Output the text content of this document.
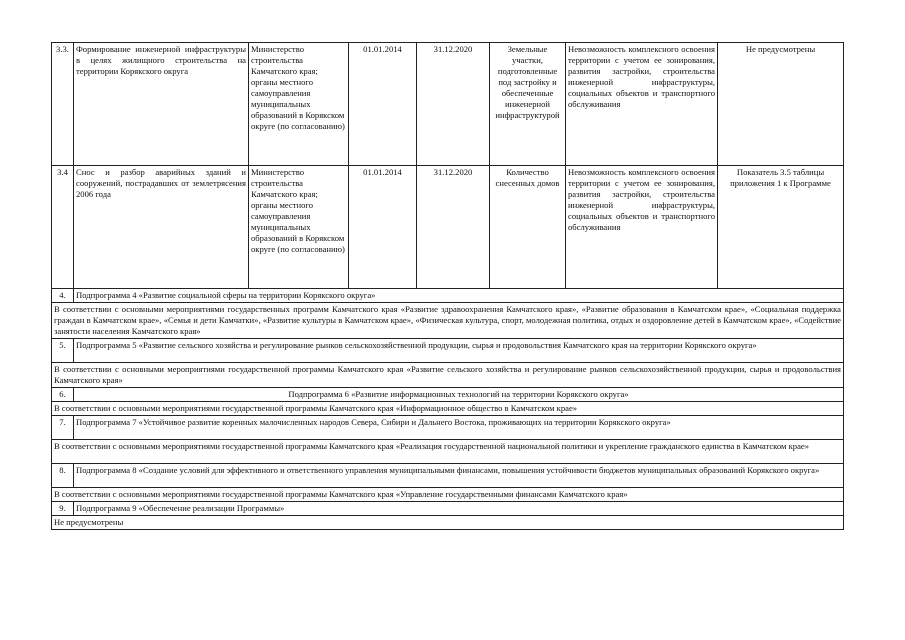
3.3.	Формирование инженерной инфраструктуры в целях жилищного строительства на территории Корякского округа	Министерство строительства Камчатского края; органы местного самоуправления муниципальных образований в Корякском округе (по согласованию)	01.01.2014	31.12.2020	Земельные участки, подготовленные под застройку и обеспеченные инженерной инфраструктурой	Невозможность комплексного освоения территории с учетом ее зонирования, развития застройки, строительства инженерной инфраструктуры, социальных объектов и транспортного обслуживания	Не предусмотрены
3.4	Снос и разбор аварийных зданий и сооружений, пострадавших от землетрясения 2006 года	Министерство строительства Камчатского края; органы местного самоуправления муниципальных образований в Корякском округе (по согласованию)	01.01.2014	31.12.2020	Количество снесенных домов	Невозможность комплексного освоения территории с учетом ее зонирования, развития застройки, строительства инженерной инфраструктуры, социальных объектов и транспортного обслуживания	Показатель 3.5 таблицы приложения 1 к Программе
4.	Подпрограмма 4 «Развитие социальной сферы на территории Корякского округа»						
В соответствии с основными мероприятиями государственных программ Камчатского края «Развитие здравоохранения Камчатского края», «Развитие образования в Камчатском крае», «Социальная поддержка граждан в Камчатском крае», «Семья и дети Камчатки», «Развитие культуры в Камчатском крае», «Физическая культура, спорт, молодежная политика, отдых и оздоровление детей в Камчатском крае», «Содействие занятости населения Камчатского края»							
5.	Подпрограмма 5 «Развитие сельского хозяйства и регулирование рынков сельскохозяйственной продукции, сырья и продовольствия Камчатского края на территории Корякского округа»						
В соответствии с основными мероприятиями государственной программы Камчатского края «Развитие сельского хозяйства и регулирование рынков сельскохозяйственной продукции, сырья и продовольствия Камчатского края»							
6.	Подпрограмма 6 «Развитие информационных технологий на территории Корякского округа»						
В соответствии с основными мероприятиями государственной программы Камчатского края «Информационное общество в Камчатском крае»							
7.	Подпрограмма 7 «Устойчивое развитие коренных малочисленных народов Севера, Сибири и Дальнего Востока, проживающих на территории Корякского округа»						
В соответствии с основными мероприятиями государственной программы Камчатского края «Реализация государственной национальной политики и укрепление гражданского единства в Камчатском крае»							
8.	Подпрограмма 8 «Создание условий для эффективного и ответственного управления муниципальными финансами, повышения устойчивости бюджетов муниципальных образований Корякского округа»						
В соответствии с основными мероприятиями государственной программы Камчатского края «Управление государственными финансами Камчатского края»							
9.	Подпрограмма 9 «Обеспечение реализации Программы»						
Не предусмотрены							
